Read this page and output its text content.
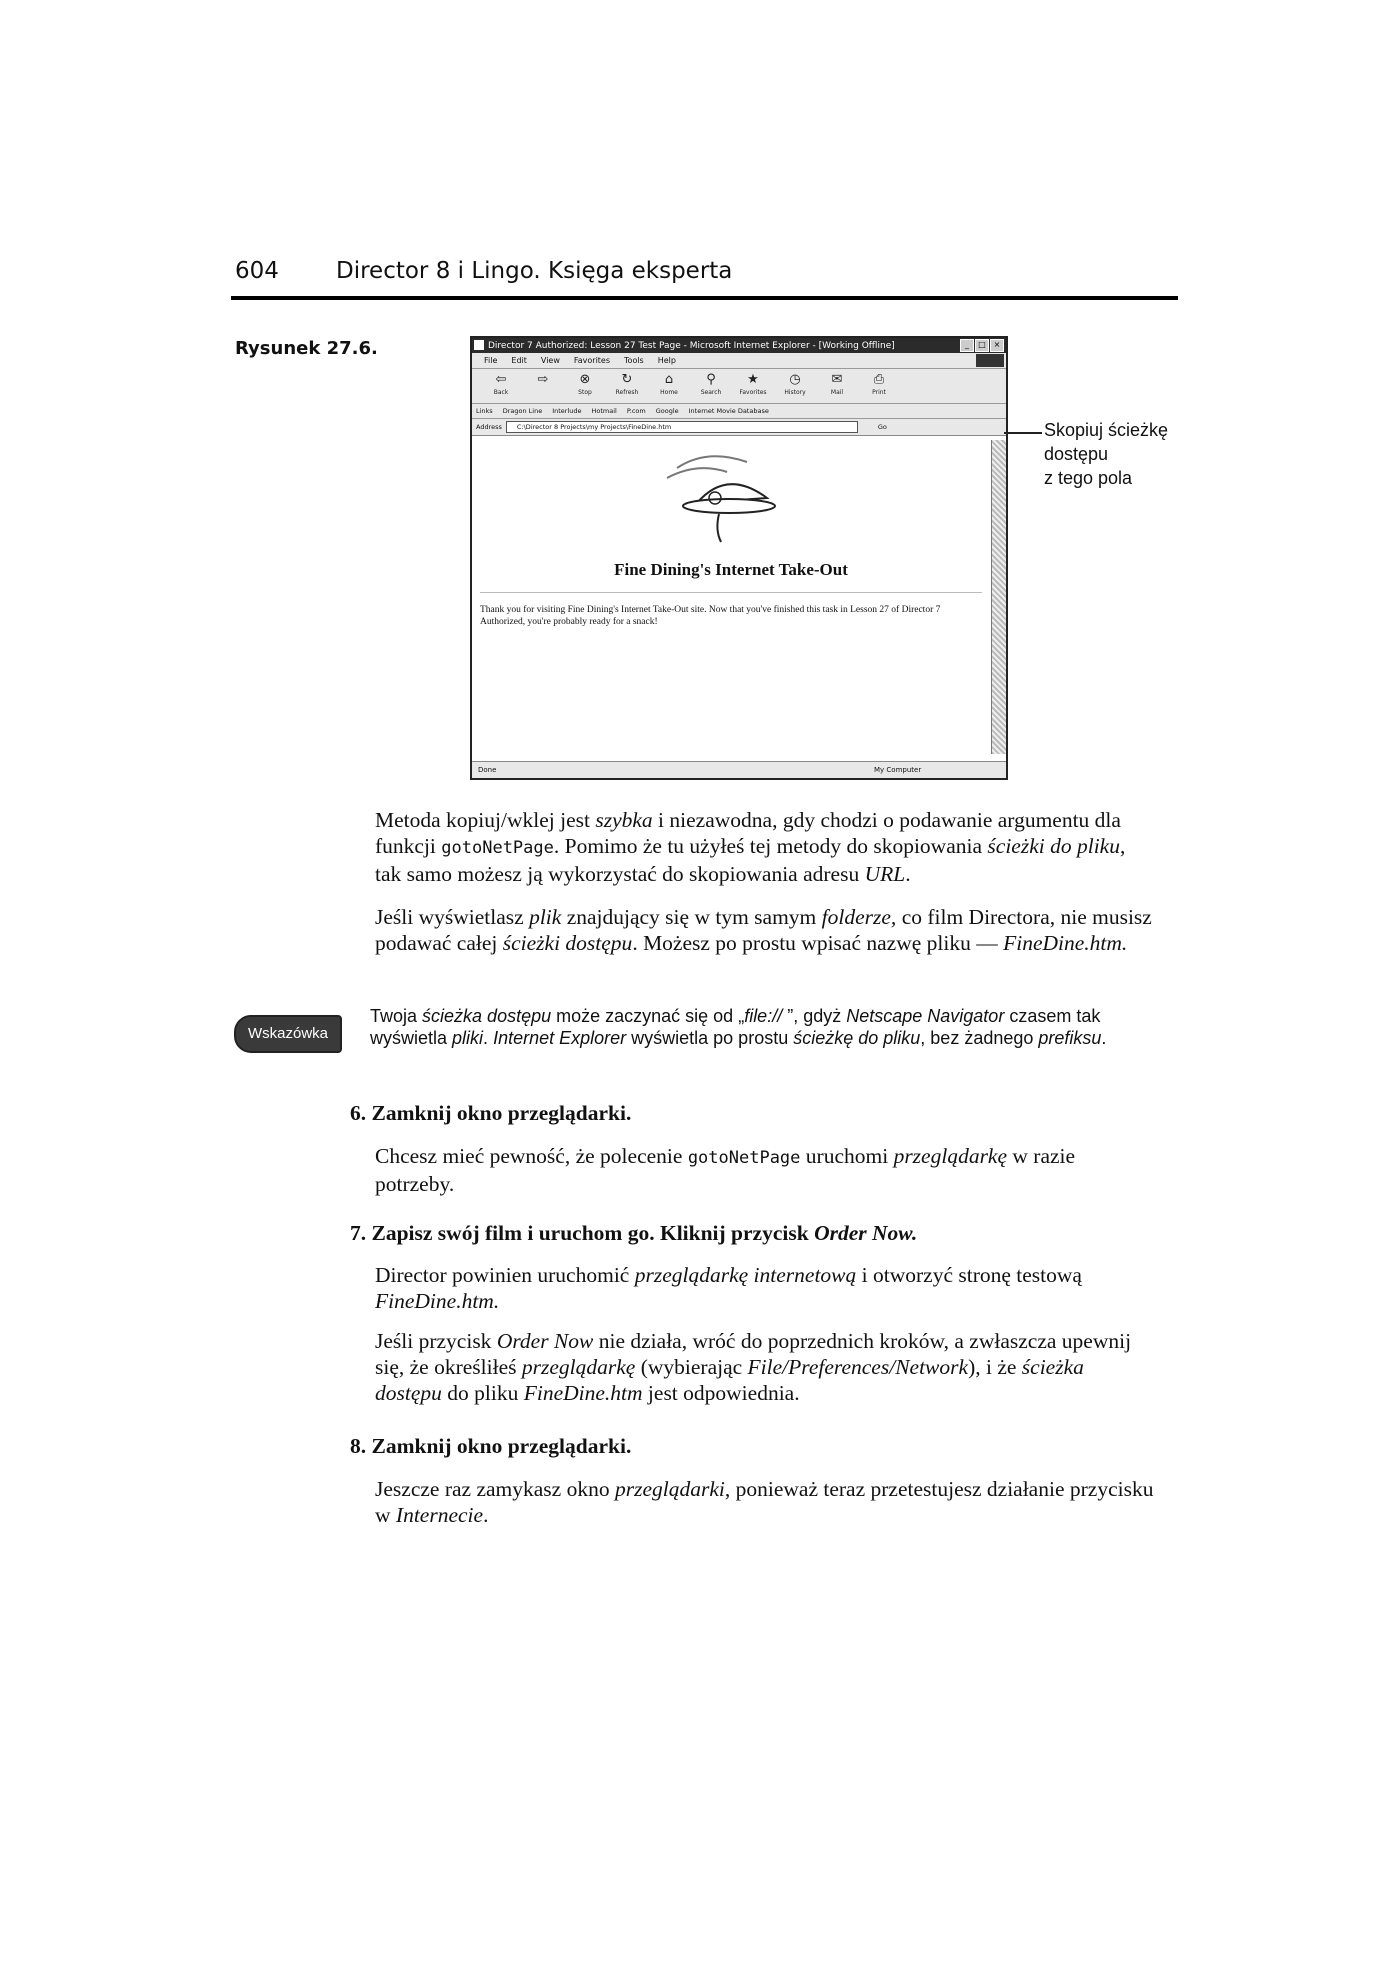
604 Director 8 i Lingo. Księga eksperta
Rysunek 27.6.	Director 7 Authorized: Lesson 27 Test Page - Microsoft Internet Explorer - [Working Offline]	_	□ ×
File Edit View Favorites Tools Help
⇦
Back
⇨ ⊗
Stop
↻
Refresh
⌂
Home
⚲
Search
★
Favorites
◷
History
✉
Mail
⎙
Print
Links Dragon Line Interlude Hotmail P.com Google Internet Movie Database
Address	C:\Director 8 Projects\my Projects\FineDine.htm	Go
Fine Dining's Internet Take-Out
Thank you for visiting Fine Dining's Internet Take-Out site. Now that you've finished this task in Lesson 27 of Director 7 Authorized, you're probably ready for a snack!
Done	My Computer
Skopiuj ścieżkę
dostępu
z tego pola
Metoda kopiuj/wklej jest szybka i niezawodna, gdy chodzi o podawanie argumentu dla funkcji gotoNetPage. Pomimo że tu użyłeś tej metody do skopiowania ścieżki do pliku, tak samo możesz ją wykorzystać do skopiowania adresu URL.
Jeśli wyświetlasz plik znajdujący się w tym samym folderze, co film Directora, nie musisz podawać całej ścieżki dostępu. Możesz po prostu wpisać nazwę pliku — FineDine.htm.
Wskazówka
Twoja ścieżka dostępu może zaczynać się od „file:// ”, gdyż Netscape Navigator czasem tak wyświetla pliki. Internet Explorer wyświetla po prostu ścieżkę do pliku, bez żadnego prefiksu.
6. Zamknij okno przeglądarki.
Chcesz mieć pewność, że polecenie gotoNetPage uruchomi przeglądarkę w razie potrzeby.
7. Zapisz swój film i uruchom go. Kliknij przycisk Order Now.
Director powinien uruchomić przeglądarkę internetową i otworzyć stronę testową FineDine.htm.
Jeśli przycisk Order Now nie działa, wróć do poprzednich kroków, a zwłaszcza upewnij się, że określiłeś przeglądarkę (wybierając File/Preferences/Network), i że ścieżka dostępu do pliku FineDine.htm jest odpowiednia.
8. Zamknij okno przeglądarki.
Jeszcze raz zamykasz okno przeglądarki, ponieważ teraz przetestujesz działanie przycisku w Internecie.
